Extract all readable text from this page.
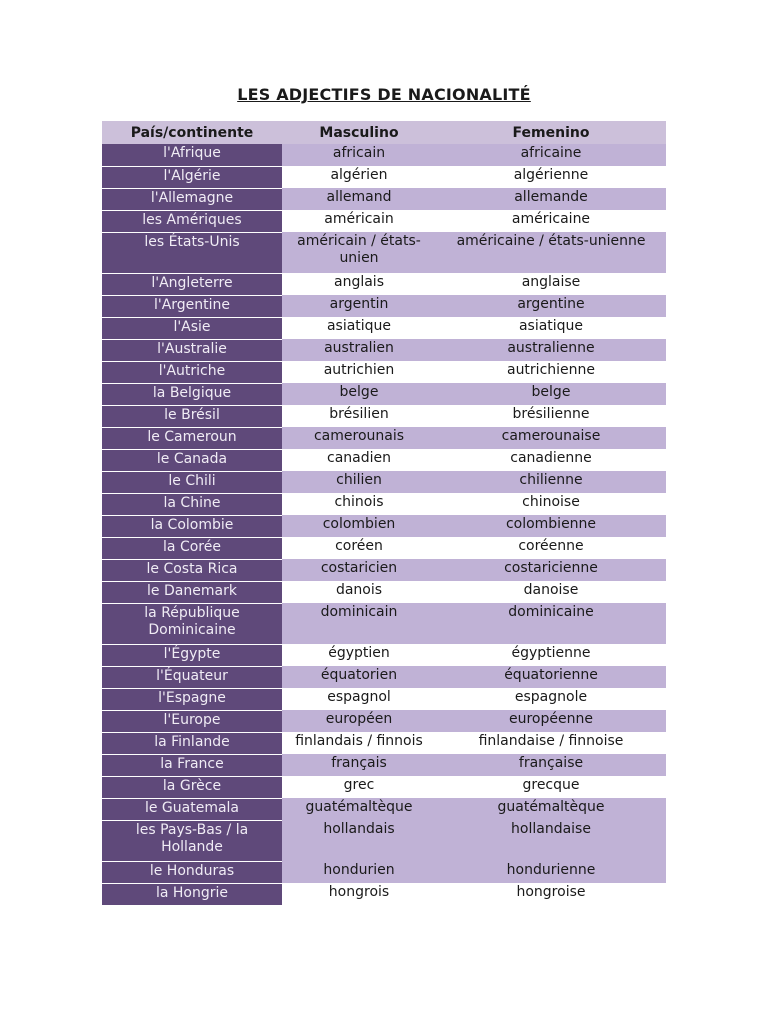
LES ADJECTIFS DE NACIONALITÉ
País/continente	Masculino	Femenino
l'Afrique	africain	africaine
l'Algérie	algérien	algérienne
l'Allemagne	allemand	allemande
les Amériques	américain	américaine
les États-Unis	américain / états-unien	américaine / états-unienne
l'Angleterre	anglais	anglaise
l'Argentine	argentin	argentine
l'Asie	asiatique	asiatique
l'Australie	australien	australienne
l'Autriche	autrichien	autrichienne
la Belgique	belge	belge
le Brésil	brésilien	brésilienne
le Cameroun	camerounais	camerounaise
le Canada	canadien	canadienne
le Chili	chilien	chilienne
la Chine	chinois	chinoise
la Colombie	colombien	colombienne
la Corée	coréen	coréenne
le Costa Rica	costaricien	costaricienne
le Danemark	danois	danoise
la République Dominicaine	dominicain	dominicaine
l'Égypte	égyptien	égyptienne
l'Équateur	équatorien	équatorienne
l'Espagne	espagnol	espagnole
l'Europe	européen	européenne
la Finlande	finlandais / finnois	finlandaise / finnoise
la France	français	française
la Grèce	grec	grecque
le Guatemala	guatémaltèque	guatémaltèque
les Pays-Bas / la Hollande	hollandais	hollandaise
le Honduras	hondurien	hondurienne
la Hongrie	hongrois	hongroise
